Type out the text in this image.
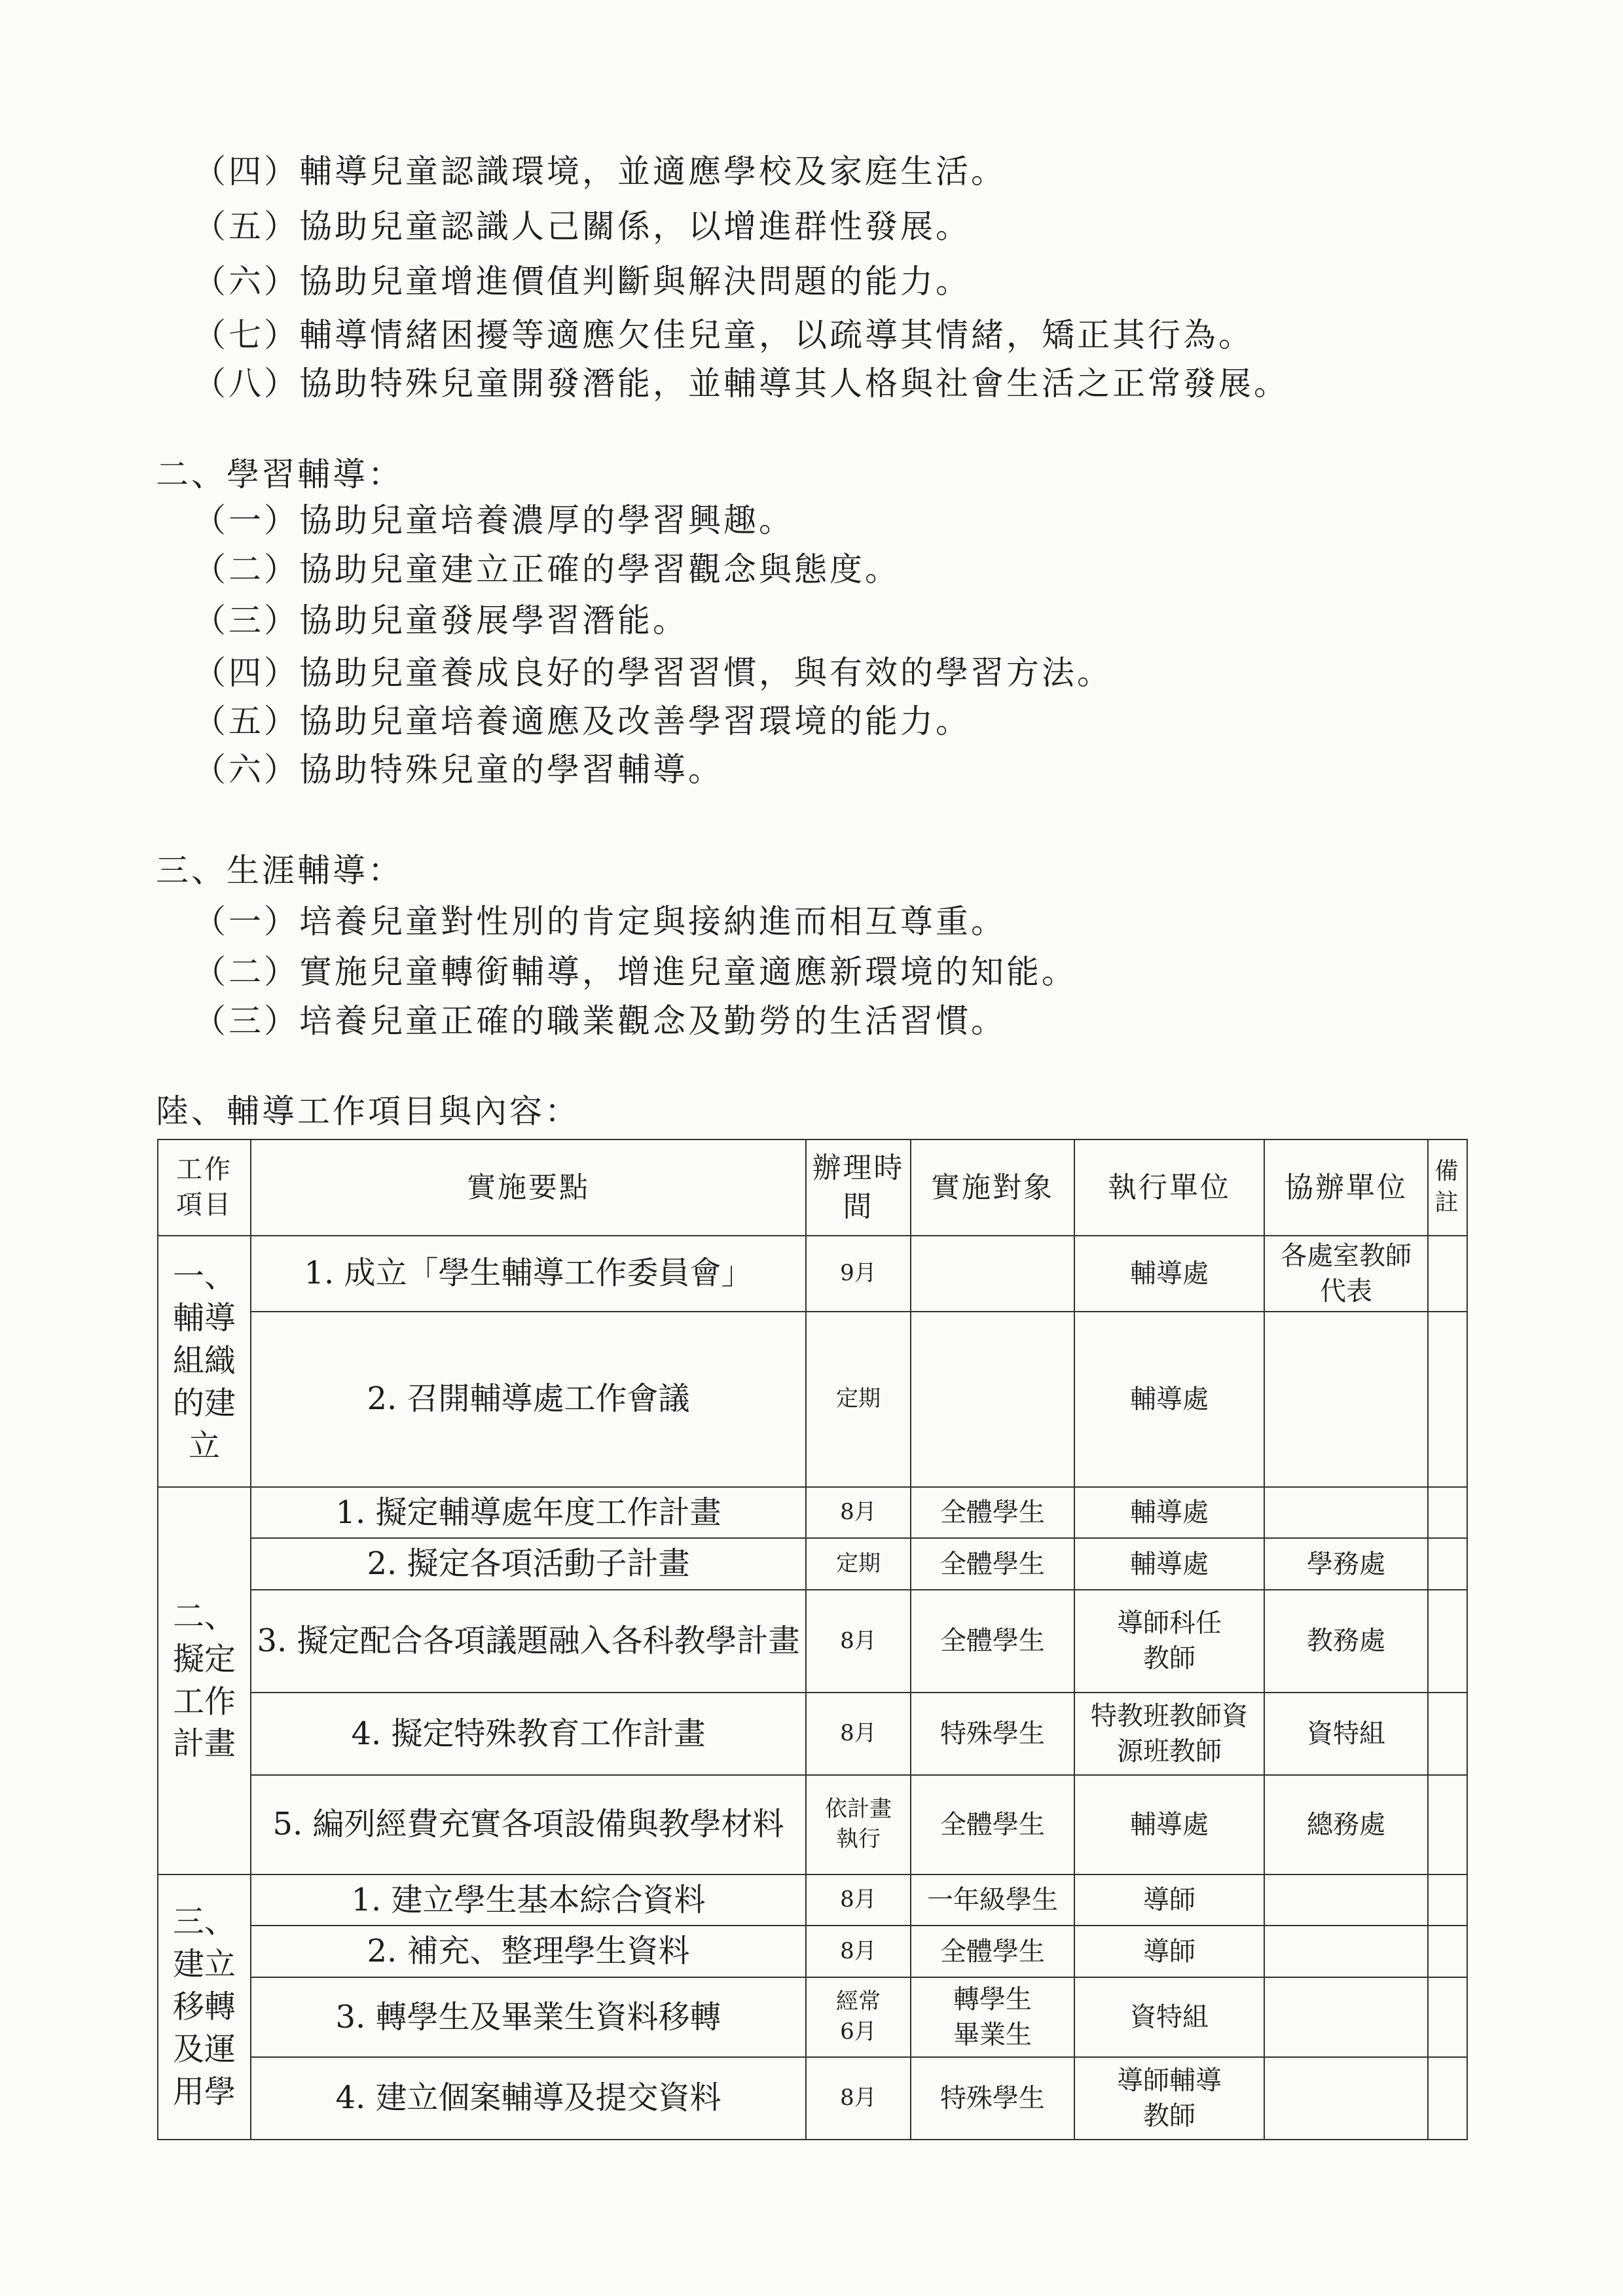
（四）輔導兒童認識環境，並適應學校及家庭生活。
（五）協助兒童認識人己關係，以增進群性發展。
（六）協助兒童增進價值判斷與解決問題的能力。
（七）輔導情緒困擾等適應欠佳兒童，以疏導其情緒，矯正其行為。
（八）協助特殊兒童開發潛能，並輔導其人格與社會生活之正常發展。
二、學習輔導：
（一）協助兒童培養濃厚的學習興趣。
（二）協助兒童建立正確的學習觀念與態度。
（三）協助兒童發展學習潛能。
（四）協助兒童養成良好的學習習慣，與有效的學習方法。
（五）協助兒童培養適應及改善學習環境的能力。
（六）協助特殊兒童的學習輔導。
三、生涯輔導：
（一）培養兒童對性別的肯定與接納進而相互尊重。
（二）實施兒童轉銜輔導，增進兒童適應新環境的知能。
（三）培養兒童正確的職業觀念及勤勞的生活習慣。
陸、輔導工作項目與內容：
工作項目	實施要點	辦理時間	實施對象	執行單位	協辦單位	備註
一、輔導組織的建立	1. 成立「學生輔導工作委員會」	9月		輔導處	各處室教師代表	
	2. 召開輔導處工作會議	定期		輔導處		
二、擬定工作計畫	1. 擬定輔導處年度工作計畫	8月	全體學生	輔導處		
	2. 擬定各項活動子計畫	定期	全體學生	輔導處	學務處	
	3. 擬定配合各項議題融入各科教學計畫	8月	全體學生	導師科任教師	教務處	
	4. 擬定特殊教育工作計畫	8月	特殊學生	特教班教師資源班教師	資特組	
	5. 編列經費充實各項設備與教學材料	依計畫執行	全體學生	輔導處	總務處	
三、建立移轉及運用學	1. 建立學生基本綜合資料	8月	一年級學生	導師		
	2. 補充、整理學生資料	8月	全體學生	導師		
	3. 轉學生及畢業生資料移轉	經常6月	轉學生畢業生	資特組		
	4. 建立個案輔導及提交資料	8月	特殊學生	導師輔導教師		
